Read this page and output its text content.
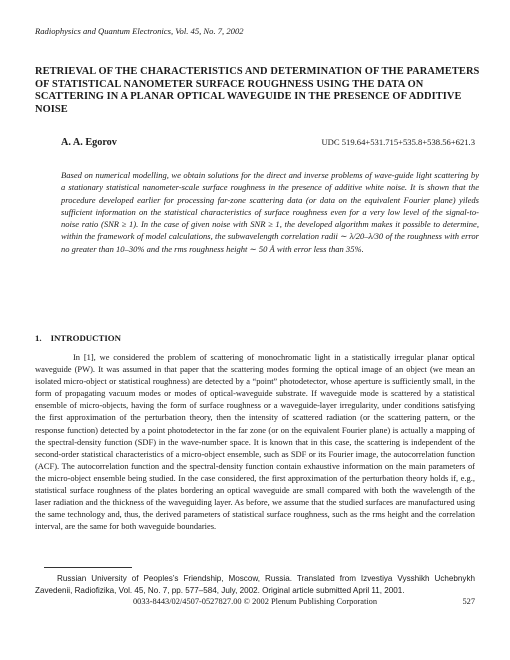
Radiophysics and Quantum Electronics, Vol. 45, No. 7, 2002
RETRIEVAL OF THE CHARACTERISTICS AND DETERMINATION OF THE PARAMETERS OF STATISTICAL NANOMETER SURFACE ROUGHNESS USING THE DATA ON SCATTERING IN A PLANAR OPTICAL WAVEGUIDE IN THE PRESENCE OF ADDITIVE NOISE
A. A. Egorov	UDC 519.64+531.715+535.8+538.56+621.3
Based on numerical modelling, we obtain solutions for the direct and inverse problems of wave-guide light scattering by a stationary statistical nanometer-scale surface roughness in the presence of additive white noise. It is shown that the procedure developed earlier for processing far-zone scattering data (or data on the equivalent Fourier plane) yileds sufficient information on the statistical characteristics of surface roughness even for a very low level of the signal-to-noise ratio (SNR ≥ 1). In the case of given noise with SNR ≥ 1, the developed algorithm makes it possible to determine, within the framework of model calculations, the subwavelength correlation radii ∼ λ/20–λ/30 of the roughness with error no greater than 10–30% and the rms roughness height ∼ 50 Å with error less than 35%.
1. INTRODUCTION
In [1], we considered the problem of scattering of monochromatic light in a statistically irregular planar optical waveguide (PW). It was assumed in that paper that the scattering modes forming the optical image of an object (we mean an isolated micro-object or statistical roughness) are detected by a “point” photodetector, whose aperture is sufficiently small, in the form of propagating vacuum modes or modes of optical-waveguide substrate. If waveguide mode is scattered by a statistical ensemble of micro-objects, having the form of surface roughness or a waveguide-layer irregularity, under conditions satisfying the first approximation of the perturbation theory, then the intensity of scattered radiation (or the scattering pattern, or the response function) detected by a point photodetector in the far zone (or on the equivalent Fourier plane) is actually a mapping of the spectral-density function (SDF) in the wave-number space. It is known that in this case, the scattering is independent of the second-order statistical characteristics of a micro-object ensemble, such as SDF or its Fourier image, the autocorrelation function (ACF). The autocorrelation function and the spectral-density function contain exhaustive information on the main parameters of the micro-object ensemble being studied. In the case considered, the first approximation of the perturbation theory holds if, e.g., statistical surface roughness of the plates bordering an optical waveguide are small compared with both the wavelength of the laser radiation and the thickness of the waveguiding layer. As before, we assume that the studied surfaces are manufactured using the same technology and, thus, the derived parameters of statistical surface roughness, such as the rms height and the correlation interval, are the same for both waveguide boundaries.
Russian University of Peoples’s Friendship, Moscow, Russia. Translated from Izvestiya Vysshikh Uchebnykh Zavedenii, Radiofizika, Vol. 45, No. 7, pp. 577–584, July, 2002. Original article submitted April 11, 2001.
0033-8443/02/4507-0527827.00 © 2002 Plenum Publishing Corporation	527
